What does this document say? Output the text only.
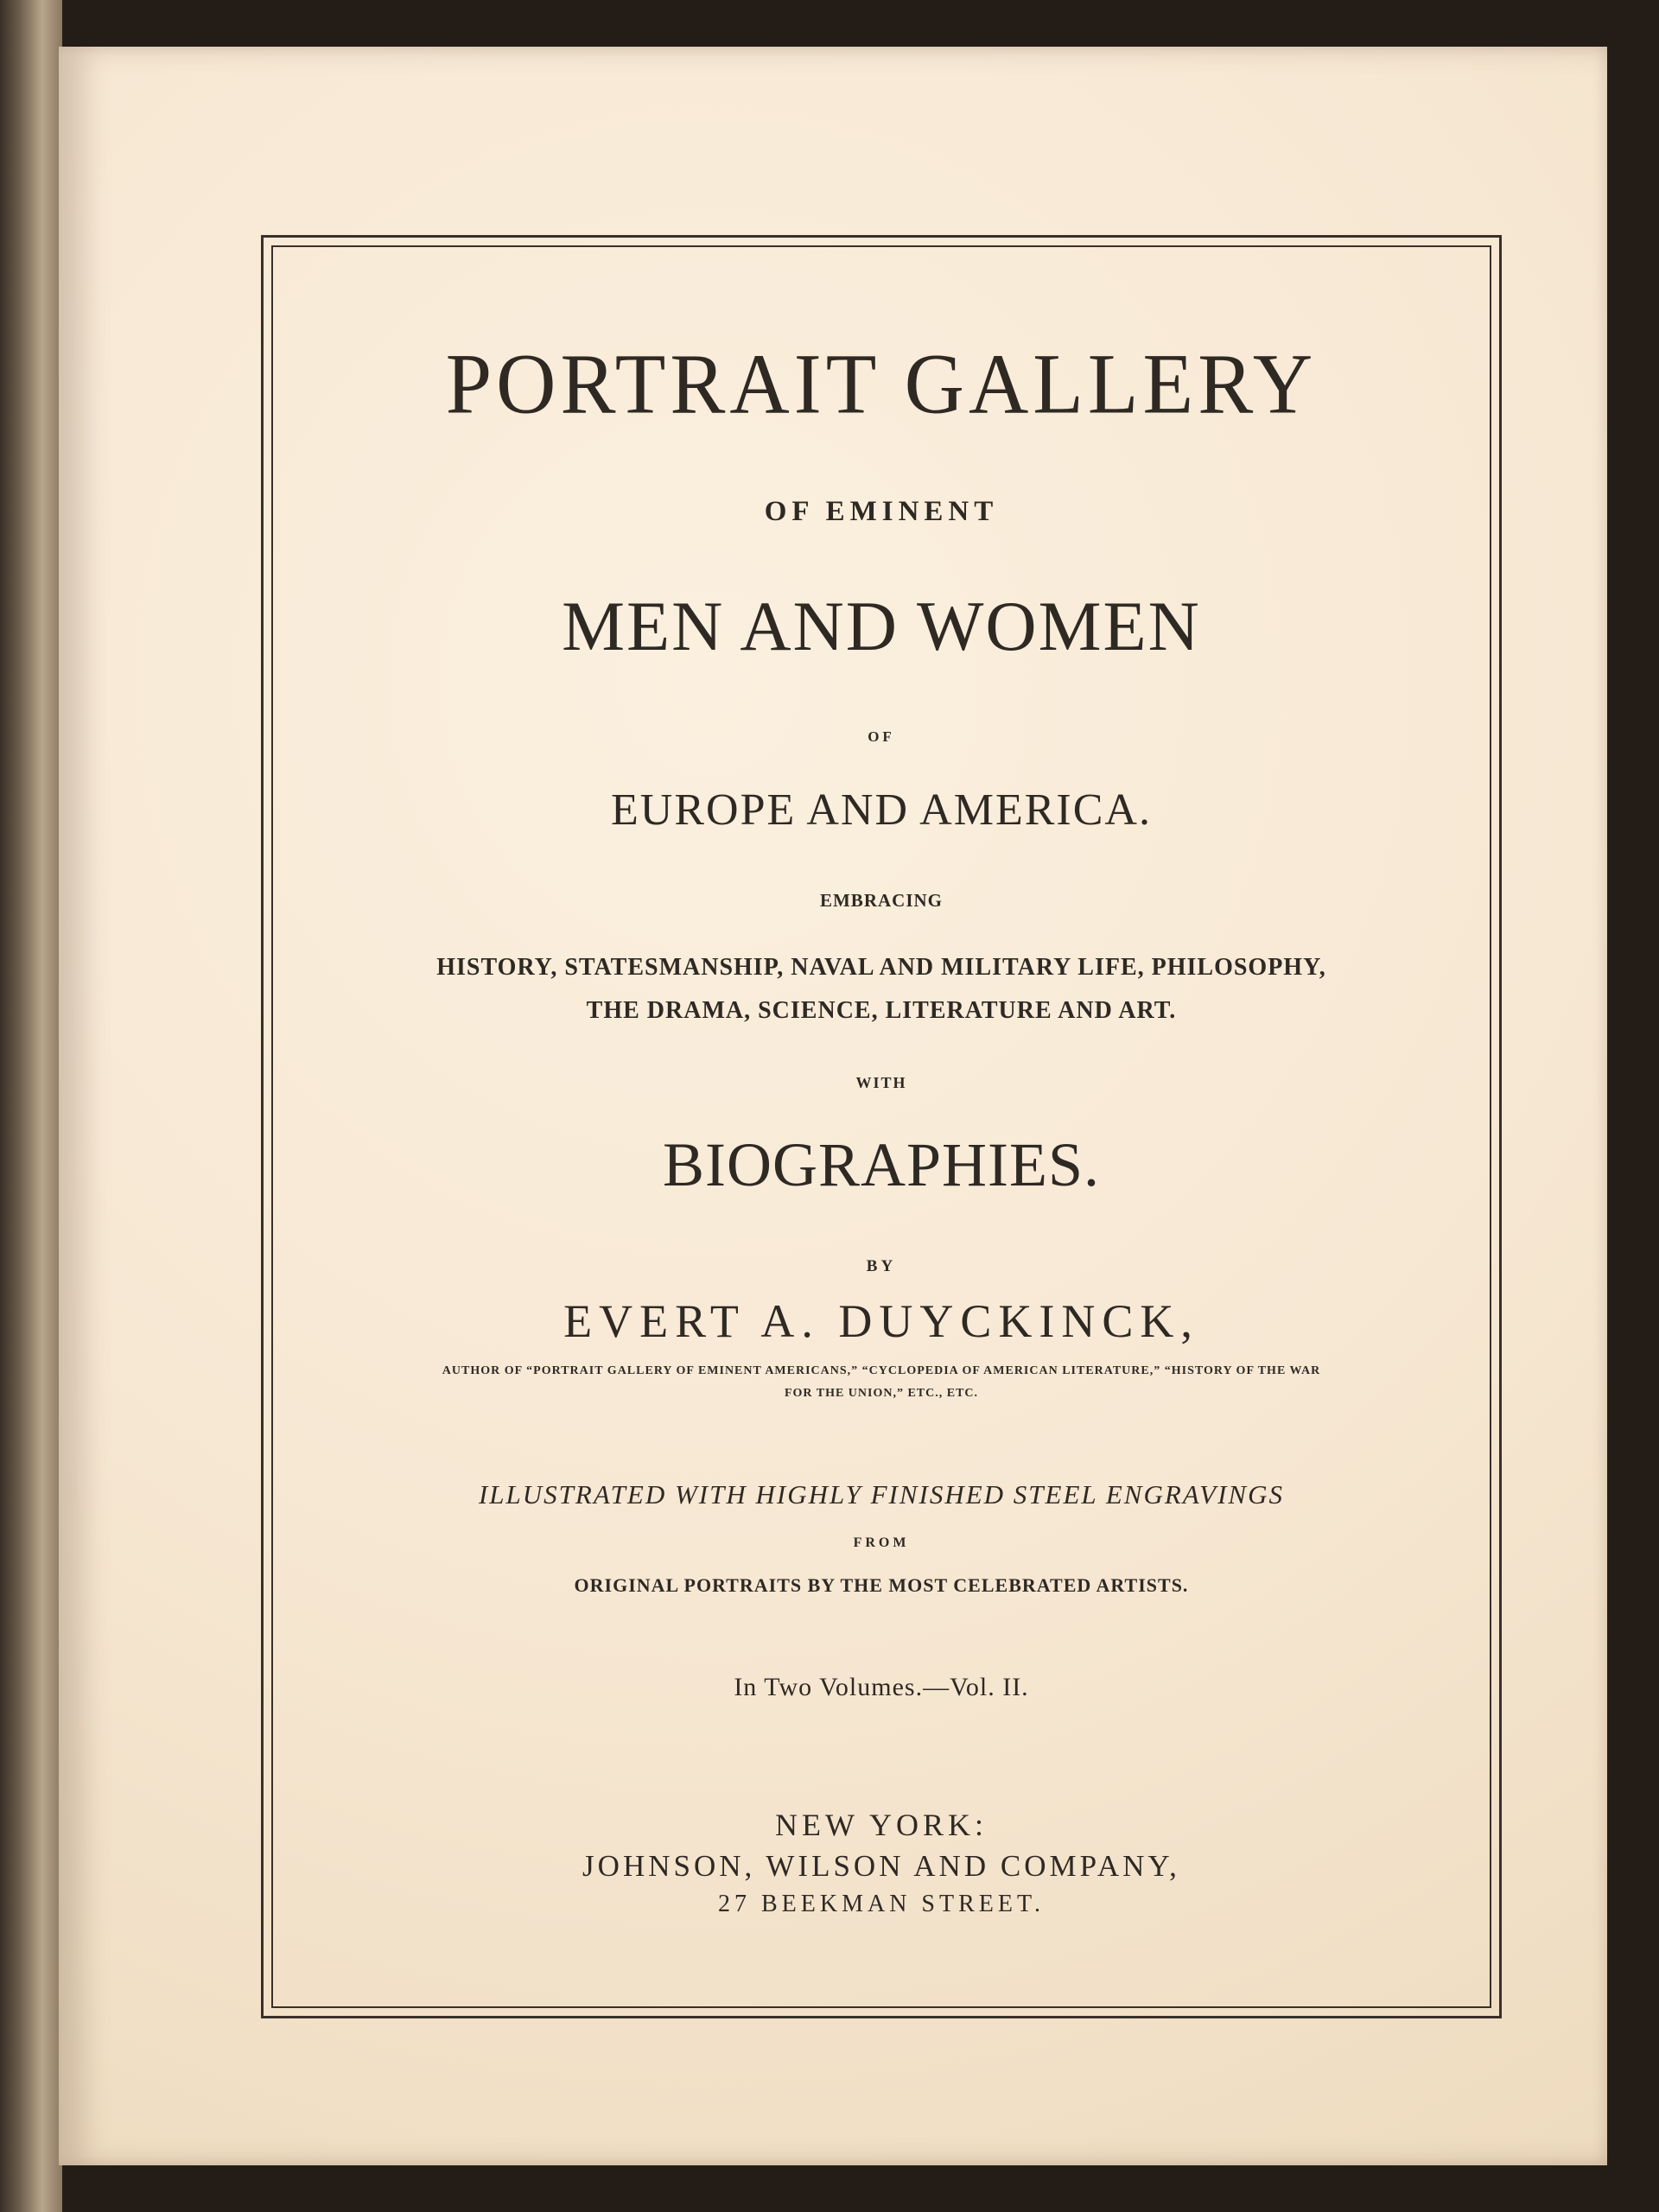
PORTRAIT GALLERY

OF EMINENT

MEN AND WOMEN

OF

EUROPE AND AMERICA.

EMBRACING

HISTORY, STATESMANSHIP, NAVAL AND MILITARY LIFE, PHILOSOPHY,

THE DRAMA, SCIENCE, LITERATURE AND ART.

WITH

BIOGRAPHIES.

BY

EVERT A. DUYCKINCK,

AUTHOR OF “PORTRAIT GALLERY OF EMINENT AMERICANS,” “CYCLOPEDIA OF AMERICAN LITERATURE,” “HISTORY OF THE WAR

FOR THE UNION,” ETC., ETC.

ILLUSTRATED WITH HIGHLY FINISHED STEEL ENGRAVINGS

FROM

ORIGINAL PORTRAITS BY THE MOST CELEBRATED ARTISTS.

In Two Volumes.—Vol. II.

NEW YORK:

JOHNSON, WILSON AND COMPANY,

27 BEEKMAN STREET.
